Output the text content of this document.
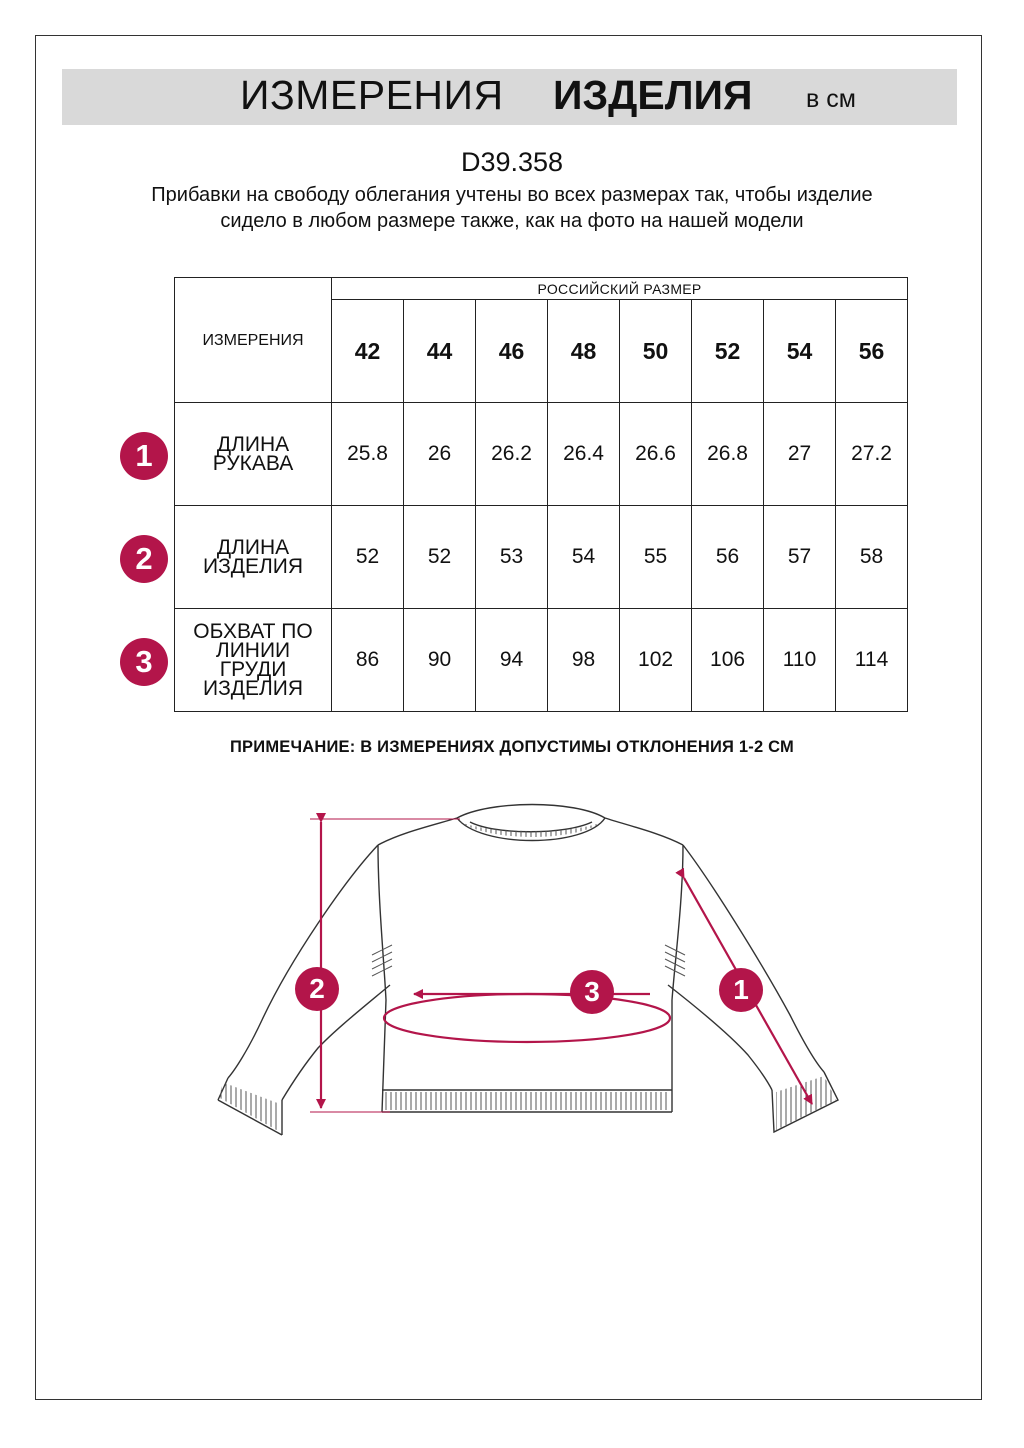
ИЗМЕРЕНИЯ ИЗДЕЛИЯ в см
D39.358
Прибавки на свободу облегания учтены во всех размерах так, чтобы изделие сидело в любом размере также, как на фото на нашей модели
ИЗМЕРЕНИЯ	РОССИЙСКИЙ РАЗМЕР							
	42	44	46	48	50	52	54	56
ДЛИНА РУКАВА	25.8	26	26.2	26.4	26.6	26.8	27	27.2
ДЛИНА ИЗДЕЛИЯ	52	52	53	54	55	56	57	58
ОБХВАТ ПО ЛИНИИ ГРУДИ ИЗДЕЛИЯ	86	90	94	98	102	106	110	114
1
2
3
ПРИМЕЧАНИЕ: В ИЗМЕРЕНИЯХ ДОПУСТИМЫ ОТКЛОНЕНИЯ 1-2 СМ
2	3	1
